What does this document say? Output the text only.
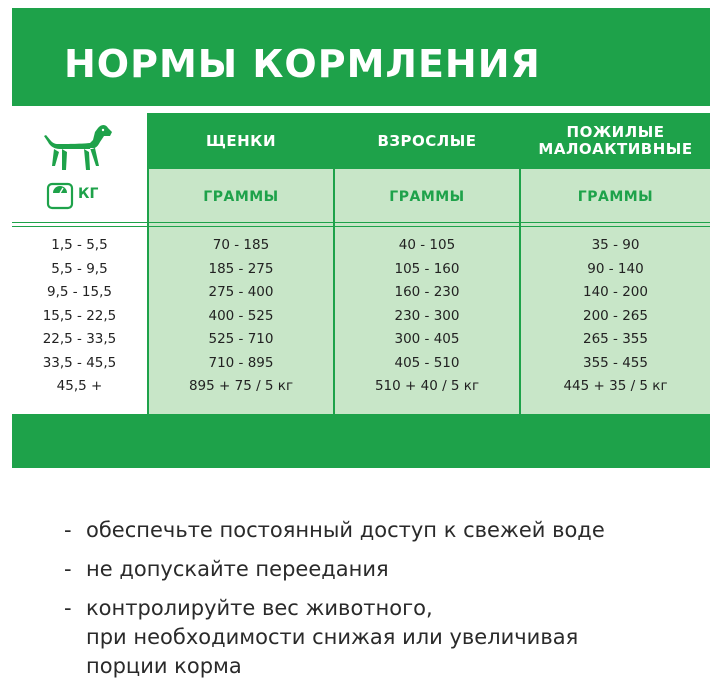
НОРМЫ КОРМЛЕНИЯ
ЩЕНКИ	ВЗРОСЛЫЕ	ПОЖИЛЫЕ
МАЛОАКТИВНЫЕ
КГ	ГРАММЫ	ГРАММЫ	ГРАММЫ
1,5 - 5,5	70 - 185	40 - 105	35 - 90
5,5 - 9,5	185 - 275	105 - 160	90 - 140
9,5 - 15,5	275 - 400	160 - 230	140 - 200
15,5 - 22,5	400 - 525	230 - 300	200 - 265
22,5 - 33,5	525 - 710	300 - 405	265 - 355
33,5 - 45,5	710 - 895	405 - 510	355 - 455
45,5 +	895 + 75 / 5 кг	510 + 40 / 5 кг	445 + 35 / 5 кг
- обеспечьте постоянный доступ к свежей воде
- не допускайте переедания
- контролируйте вес животного,
при необходимости снижая или увеличивая
порции корма
